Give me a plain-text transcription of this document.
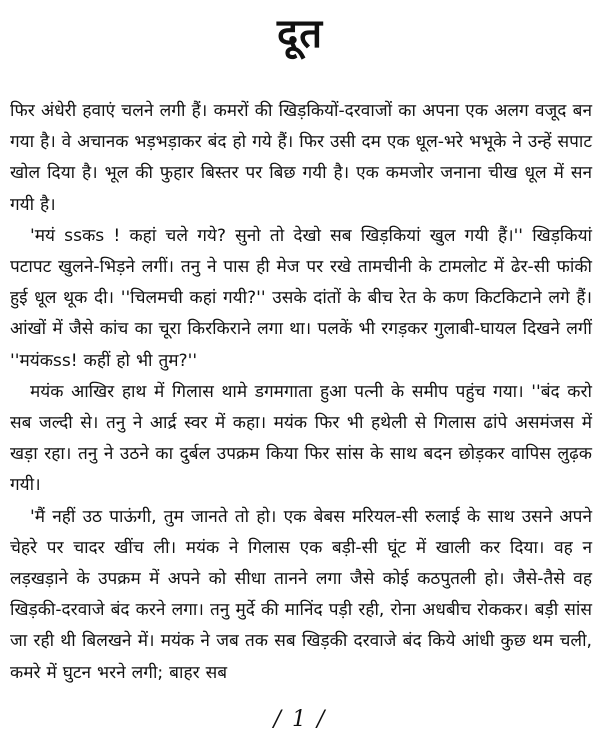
दूत

फिर अंधेरी हवाएं चलने लगी हैं। कमरों की खिड़कियों-दरवाजों का अपना एक अलग वजूद बन गया है। वे अचानक भड़भड़ाकर बंद हो गये हैं। फिर उसी दम एक धूल-भरे भभूके ने उन्हें सपाट खोल दिया है। भूल की फुहार बिस्तर पर बिछ गयी है। एक कमजोर जनाना चीख धूल में सन गयी है।

'मयं ssकs ! कहां चले गये? सुनो तो देखो सब खिड़कियां खुल गयी हैं।'' खिड़कियां पटापट खुलने-भिड़ने लगीं। तनु ने पास ही मेज पर रखे तामचीनी के टामलोट में ढेर-सी फांकी हुई धूल थूक दी। ''चिलमची कहां गयी?'' उसके दांतों के बीच रेत के कण किटकिटाने लगे हैं। आंखों में जैसे कांच का चूरा किरकिराने लगा था। पलकें भी रगड़कर गुलाबी-घायल दिखने लगीं ''मयंकss! कहीं हो भी तुम?''

मयंक आखिर हाथ में गिलास थामे डगमगाता हुआ पत्नी के समीप पहुंच गया। ''बंद करो सब जल्दी से। तनु ने आर्द्र स्वर में कहा। मयंक फिर भी हथेली से गिलास ढांपे असमंजस में खड़ा रहा। तनु ने उठने का दुर्बल उपक्रम किया फिर सांस के साथ बदन छोड़कर वापिस लुढ़क गयी।

'मैं नहीं उठ पाऊंगी, तुम जानते तो हो। एक बेबस मरियल-सी रुलाई के साथ उसने अपने चेहरे पर चादर खींच ली। मयंक ने गिलास एक बड़ी-सी घूंट में खाली कर दिया। वह न लड़खड़ाने के उपक्रम में अपने को सीधा तानने लगा जैसे कोई कठपुतली हो। जैसे-तैसे वह खिड़की-दरवाजे बंद करने लगा। तनु मुर्दे की मानिंद पड़ी रही, रोना अधबीच रोककर। बड़ी सांस जा रही थी बिलखने में। मयंक ने जब तक सब खिड़की दरवाजे बंद किये आंधी कुछ थम चली, कमरे में घुटन भरने लगी; बाहर सब

/ 1 /
